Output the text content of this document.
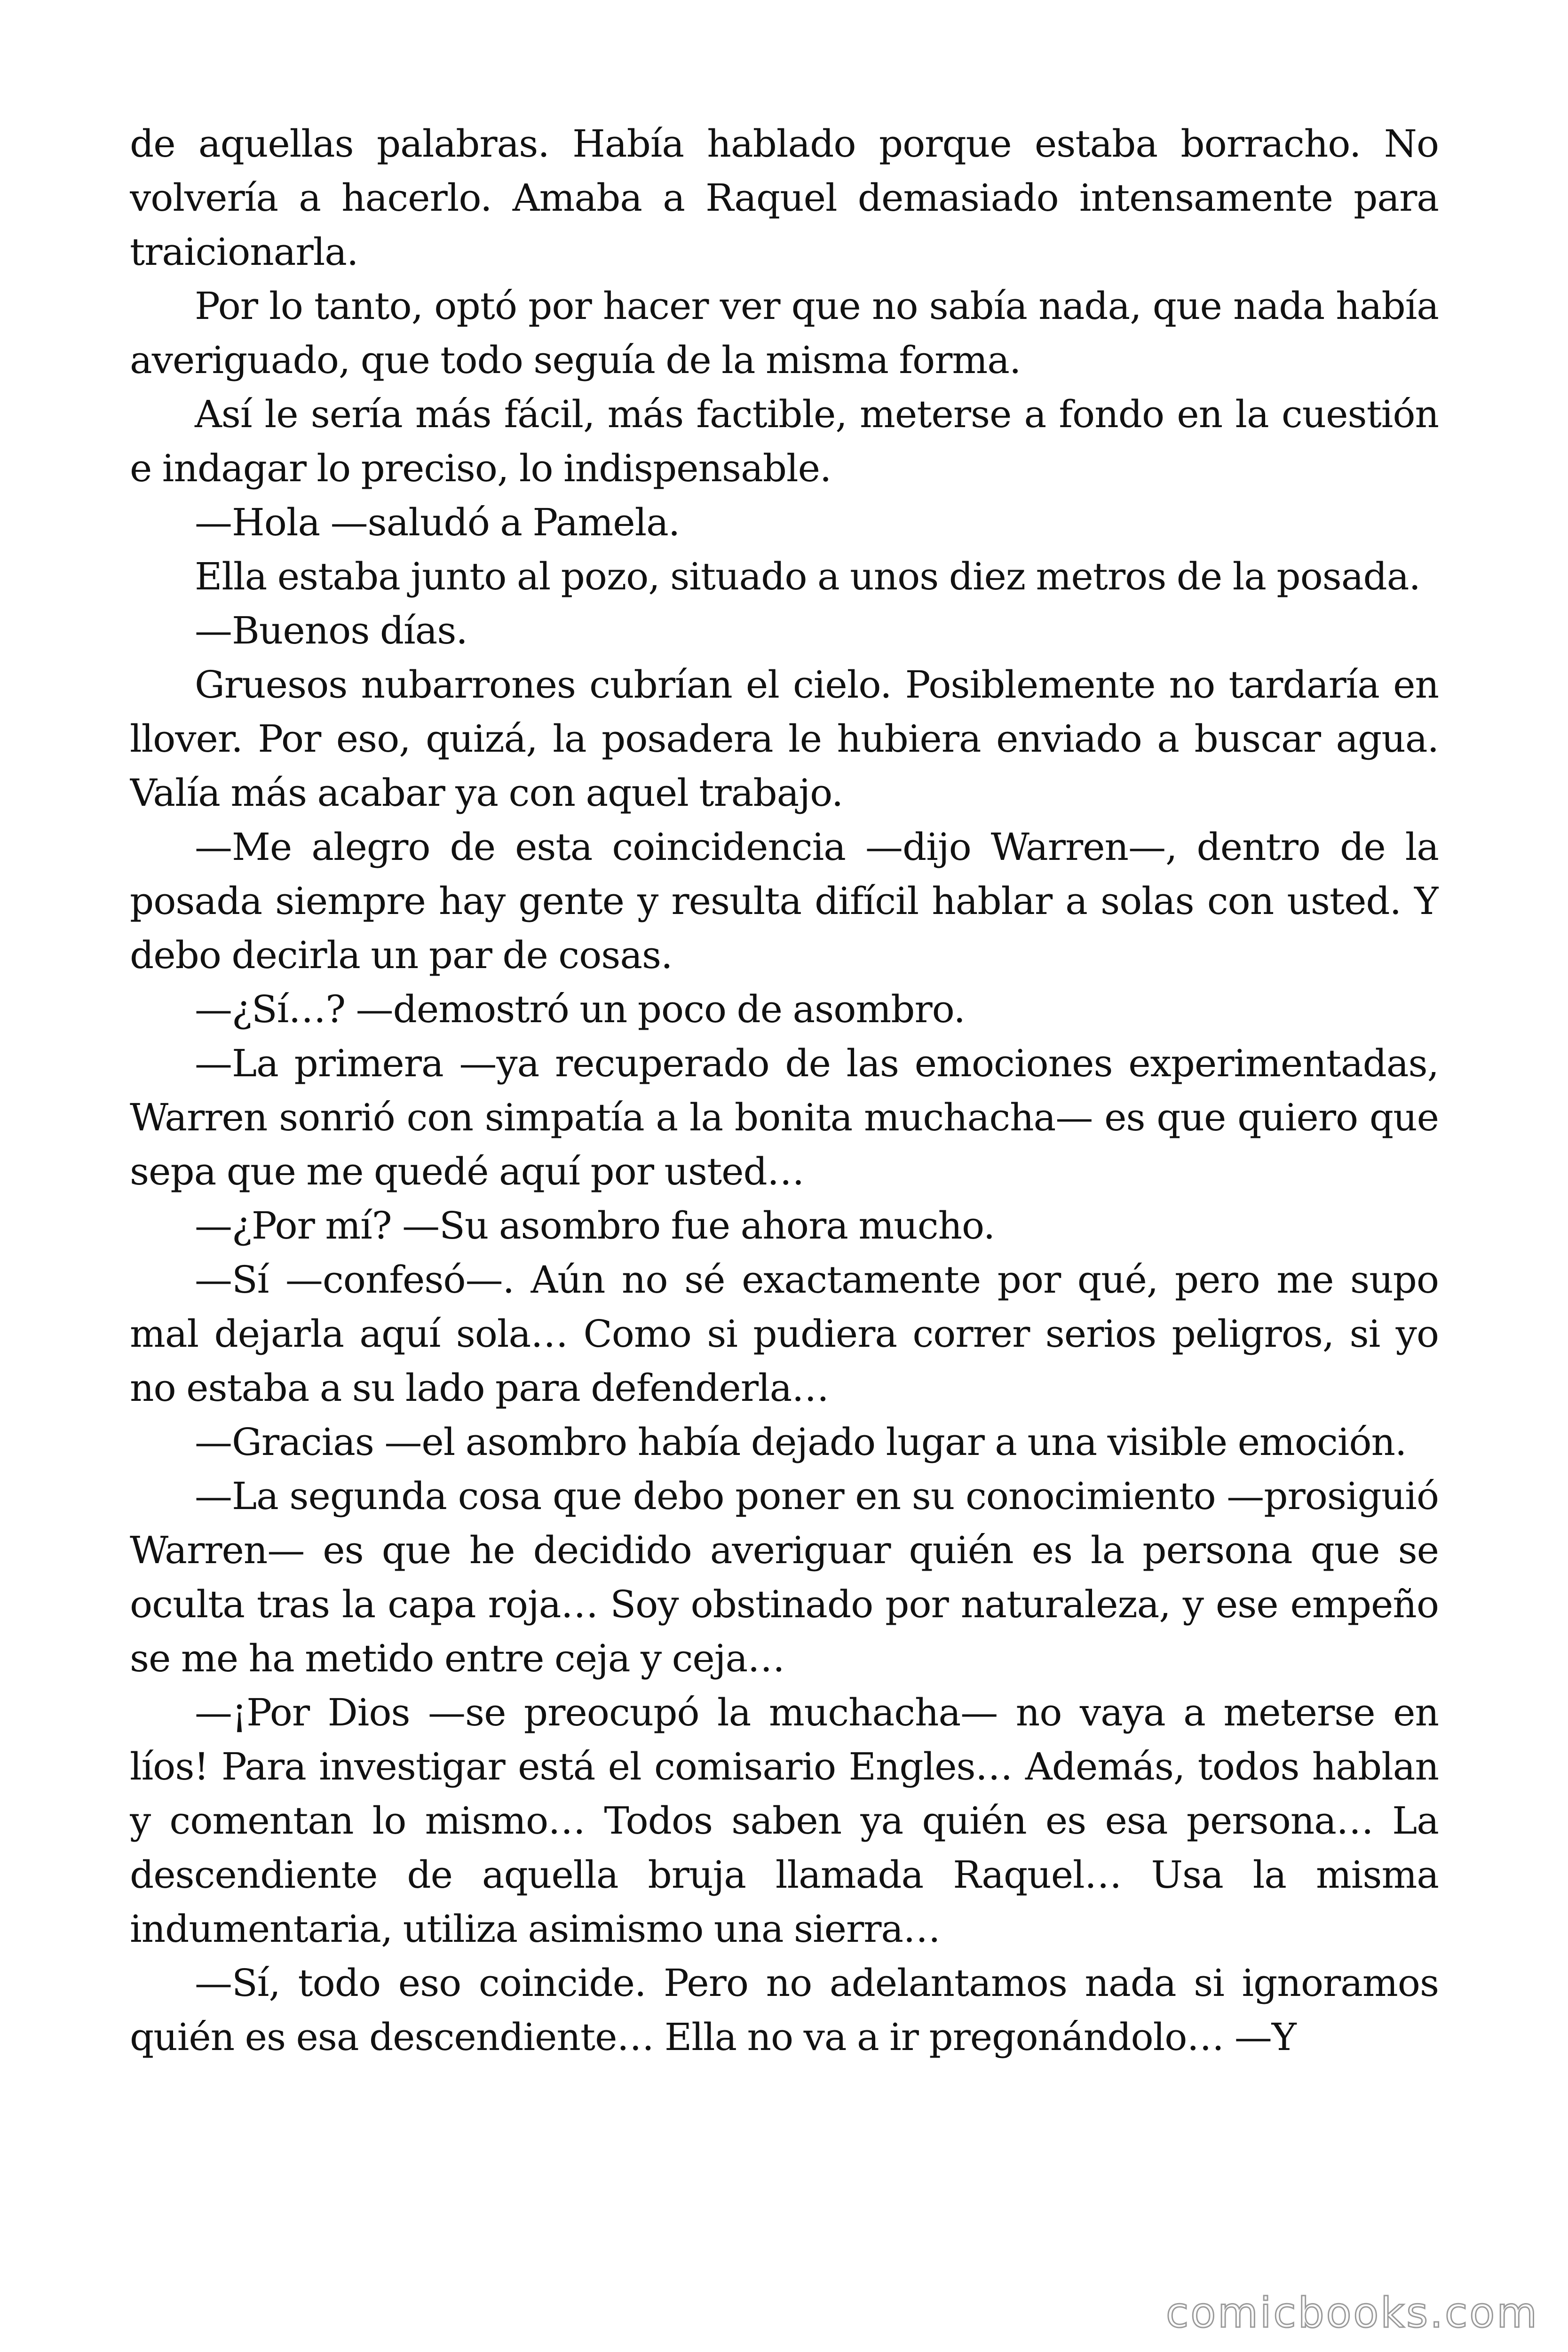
de aquellas palabras. Había hablado porque estaba borracho. No volvería a hacerlo. Amaba a Raquel demasiado intensamente para traicionarla.

Por lo tanto, optó por hacer ver que no sabía nada, que nada había averiguado, que todo seguía de la misma forma.

Así le sería más fácil, más factible, meterse a fondo en la cuestión e indagar lo preciso, lo indispensable.

—Hola —saludó a Pamela.

Ella estaba junto al pozo, situado a unos diez metros de la posada.

—Buenos días.

Gruesos nubarrones cubrían el cielo. Posiblemente no tardaría en llover. Por eso, quizá, la posadera le hubiera enviado a buscar agua. Valía más acabar ya con aquel trabajo.

—Me alegro de esta coincidencia —dijo Warren—, dentro de la posada siempre hay gente y resulta difícil hablar a solas con usted. Y debo decirla un par de cosas.

—¿Sí…? —demostró un poco de asombro.

—La primera —ya recuperado de las emociones experimentadas, Warren sonrió con simpatía a la bonita muchacha— es que quiero que sepa que me quedé aquí por usted…

—¿Por mí? —Su asombro fue ahora mucho.

—Sí —confesó—. Aún no sé exactamente por qué, pero me supo mal dejarla aquí sola… Como si pudiera correr serios peligros, si yo no estaba a su lado para defenderla…

—Gracias —el asombro había dejado lugar a una visible emoción.

—La segunda cosa que debo poner en su conocimiento —prosiguió Warren— es que he decidido averiguar quién es la persona que se oculta tras la capa roja… Soy obstinado por naturaleza, y ese empeño se me ha metido entre ceja y ceja…

—¡Por Dios —se preocupó la muchacha— no vaya a meterse en líos! Para investigar está el comisario Engles… Además, todos hablan y comentan lo mismo… Todos saben ya quién es esa persona… La descendiente de aquella bruja llamada Raquel… Usa la misma indumentaria, utiliza asimismo una sierra…

—Sí, todo eso coincide. Pero no adelantamos nada si ignoramos quién es esa descendiente… Ella no va a ir pregonándolo… —Y

comicbooks.com
